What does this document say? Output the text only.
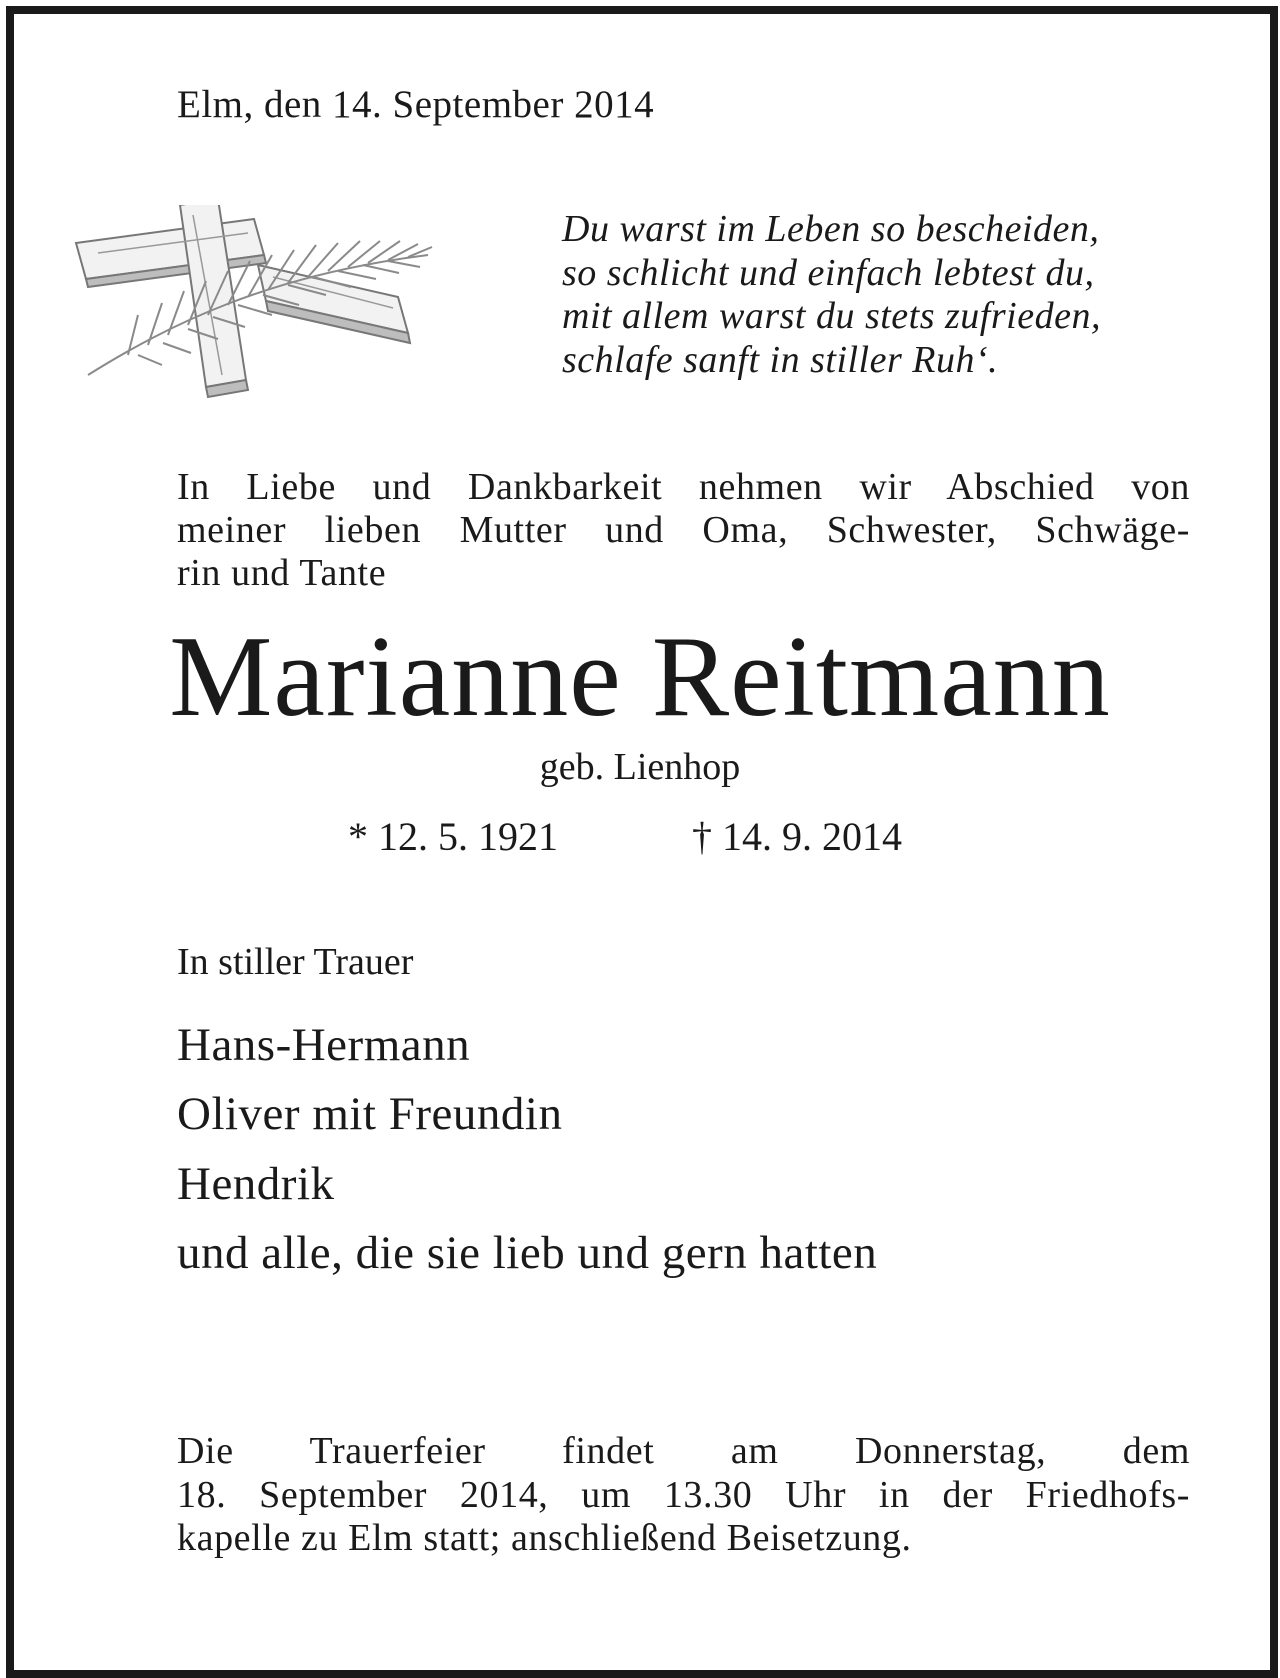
Elm, den 14. September 2014

Du warst im Leben so bescheiden,
so schlicht und einfach lebtest du,
mit allem warst du stets zufrieden,
schlafe sanft in stiller Ruh‘.
In Liebe und Dankbarkeit nehmen wir Abschied von
meiner lieben Mutter und Oma, Schwester, Schwäge-
rin und Tante
Marianne Reitmann

geb. Lienhop

* 12. 5. 1921	† 14. 9. 2014

In stiller Trauer

Hans-Hermann

Oliver mit Freundin

Hendrik

und alle, die sie lieb und gern hatten

Die Trauerfeier findet am Donnerstag, dem
18. September 2014, um 13.30 Uhr in der Friedhofs-
kapelle zu Elm statt; anschließend Beisetzung.
